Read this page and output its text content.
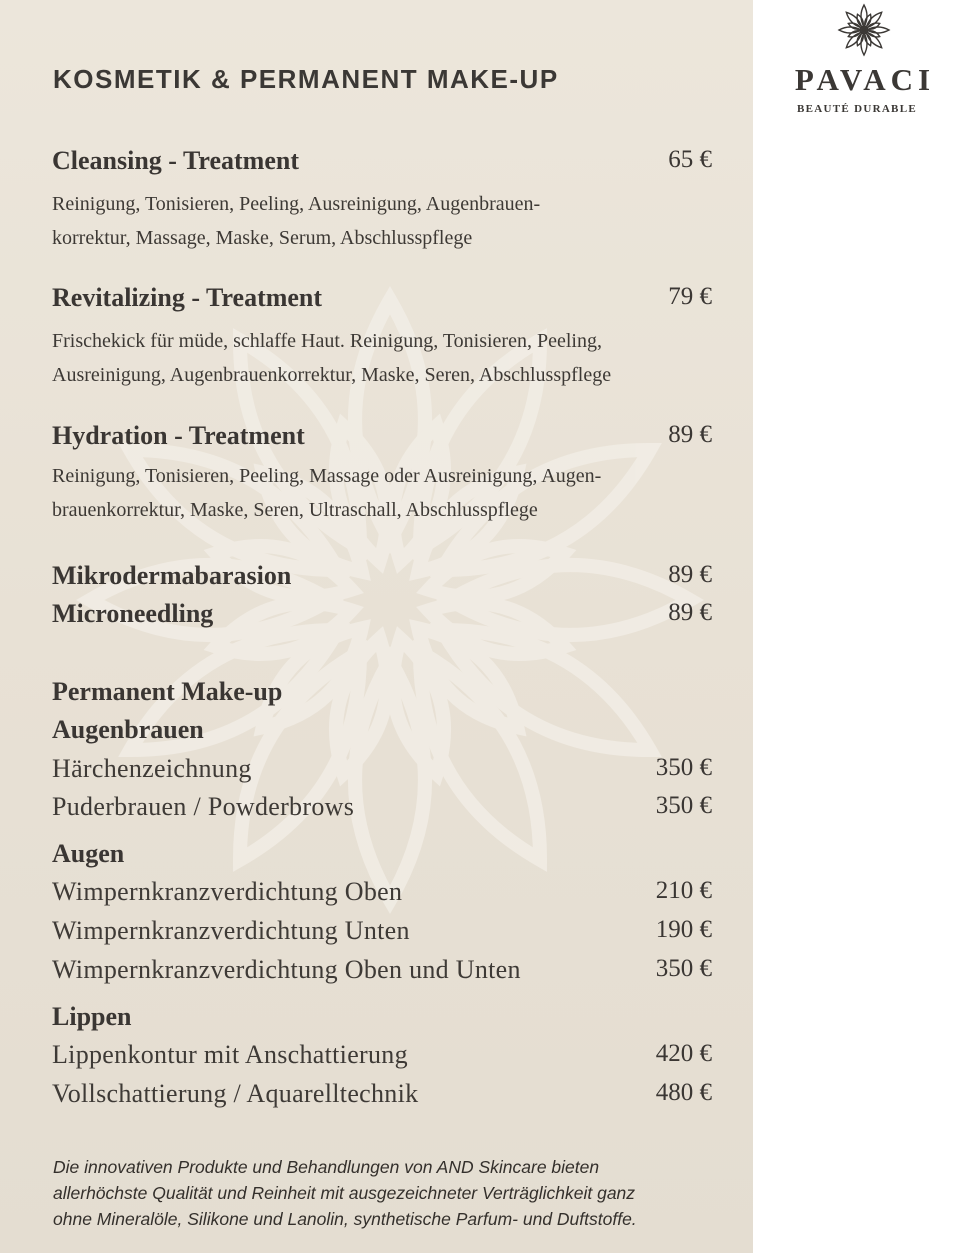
KOSMETIK & PERMANENT MAKE-UP
Cleansing - Treatment	65 €

Reinigung, Tonisieren, Peeling, Ausreinigung, Augenbrauen-
korrektur, Massage, Maske, Serum, Abschlusspflege

Revitalizing - Treatment	79 €

Frischekick für müde, schlaffe Haut. Reinigung, Tonisieren, Peeling,
Ausreinigung, Augenbrauenkorrektur, Maske, Seren, Abschlusspflege

Hydration - Treatment	89 €

Reinigung, Tonisieren, Peeling, Massage oder Ausreinigung, Augen-
brauenkorrektur, Maske, Seren, Ultraschall, Abschlusspflege

Mikrodermabarasion	89 €
Microneedling	89 €
Permanent Make-up
Augenbrauen
Härchenzeichnung	350 €
Puderbrauen / Powderbrows	350 €
Augen
Wimpernkranzverdichtung Oben	210 €
Wimpernkranzverdichtung Unten	190 €
Wimpernkranzverdichtung Oben und Unten	350 €
Lippen
Lippenkontur mit Anschattierung	420 €
Vollschattierung / Aquarelltechnik	480 €

Die innovativen Produkte und Behandlungen von AND Skincare bieten
allerhöchste Qualität und Reinheit mit ausgezeichneter Verträglichkeit ganz
ohne Mineralöle, Silikone und Lanolin, synthetische Parfum- und Duftstoffe.

PAVACI
BEAUTÉ DURABLE
